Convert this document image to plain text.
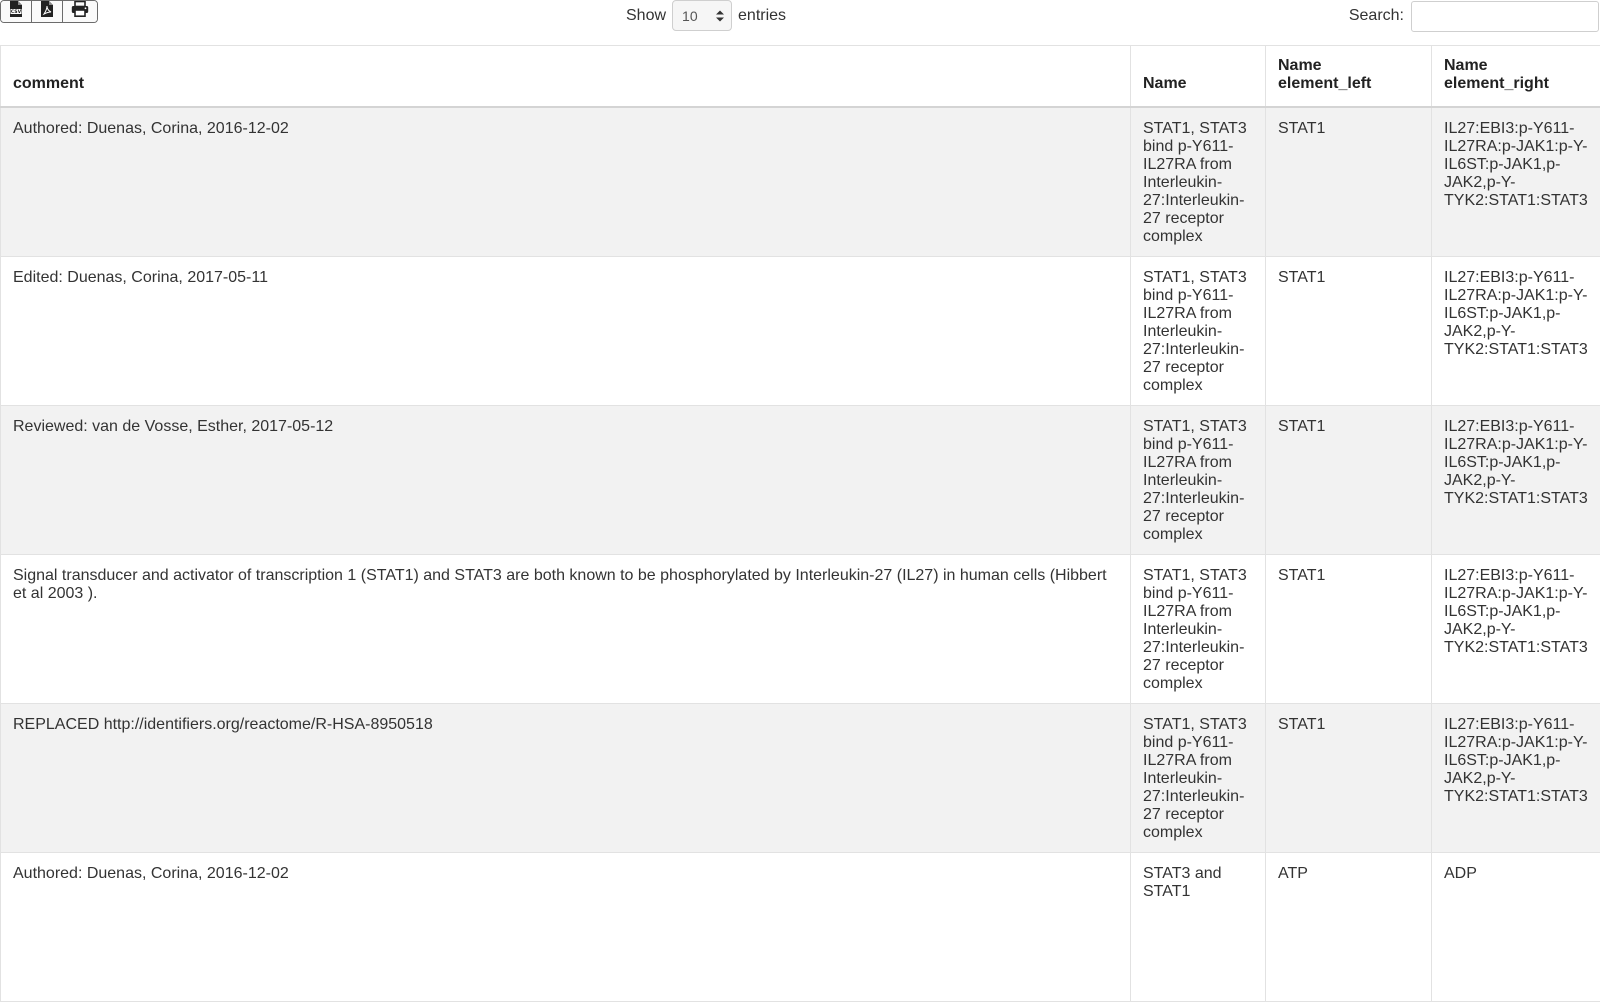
CSV	Show 10	entries	Search:
comment	Name	Name element_left	Name element_right
Authored: Duenas, Corina, 2016-12-02	STAT1, STAT3 bind p-Y611-IL27RA from Interleukin-27:Interleukin-27 receptor complex	STAT1	IL27:EBI3:p-Y611-IL27RA:p-JAK1:p-Y-IL6ST:p-JAK1,p-JAK2,p-Y-TYK2:STAT1:STAT3
Edited: Duenas, Corina, 2017-05-11	STAT1, STAT3 bind p-Y611-IL27RA from Interleukin-27:Interleukin-27 receptor complex	STAT1	IL27:EBI3:p-Y611-IL27RA:p-JAK1:p-Y-IL6ST:p-JAK1,p-JAK2,p-Y-TYK2:STAT1:STAT3
Reviewed: van de Vosse, Esther, 2017-05-12	STAT1, STAT3 bind p-Y611-IL27RA from Interleukin-27:Interleukin-27 receptor complex	STAT1	IL27:EBI3:p-Y611-IL27RA:p-JAK1:p-Y-IL6ST:p-JAK1,p-JAK2,p-Y-TYK2:STAT1:STAT3
Signal transducer and activator of transcription 1 (STAT1) and STAT3 are both known to be phosphorylated by Interleukin-27 (IL27) in human cells (Hibbert et al 2003 ).	STAT1, STAT3 bind p-Y611-IL27RA from Interleukin-27:Interleukin-27 receptor complex	STAT1	IL27:EBI3:p-Y611-IL27RA:p-JAK1:p-Y-IL6ST:p-JAK1,p-JAK2,p-Y-TYK2:STAT1:STAT3
REPLACED http://identifiers.org/reactome/R-HSA-8950518	STAT1, STAT3 bind p-Y611-IL27RA from Interleukin-27:Interleukin-27 receptor complex	STAT1	IL27:EBI3:p-Y611-IL27RA:p-JAK1:p-Y-IL6ST:p-JAK1,p-JAK2,p-Y-TYK2:STAT1:STAT3
Authored: Duenas, Corina, 2016-12-02	STAT3 and STAT1	ATP	ADP
